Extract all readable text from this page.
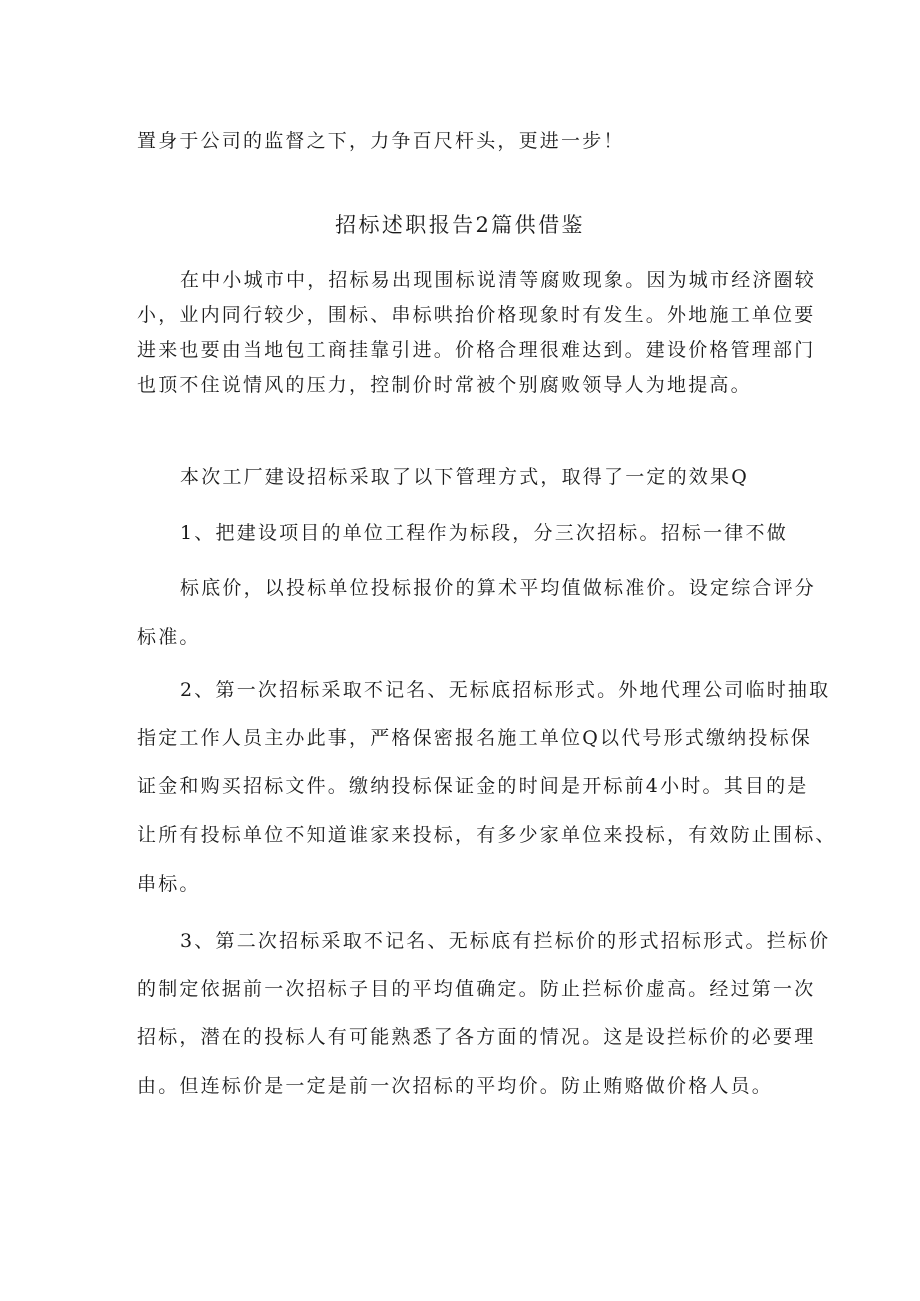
置身于公司的监督之下，力争百尺杆头，更进一步！
招标述职报告2篇供借鉴
在中小城市中，招标易出现围标说清等腐败现象。因为城市经济圈较
小，业内同行较少，围标、串标哄抬价格现象时有发生。外地施工单位要
进来也要由当地包工商挂靠引进。价格合理很难达到。建设价格管理部门
也顶不住说情风的压力，控制价时常被个别腐败领导人为地提高。
本次工厂建设招标采取了以下管理方式，取得了一定的效果Q
1、把建设项目的单位工程作为标段，分三次招标。招标一律不做
标底价，以投标单位投标报价的算术平均值做标准价。设定综合评分
标准。
2、第一次招标采取不记名、无标底招标形式。外地代理公司临时抽取
指定工作人员主办此事，严格保密报名施工单位Q以代号形式缴纳投标保
证金和购买招标文件。缴纳投标保证金的时间是开标前4小时。其目的是
让所有投标单位不知道谁家来投标，有多少家单位来投标，有效防止围标、
串标。
3、第二次招标采取不记名、无标底有拦标价的形式招标形式。拦标价
的制定依据前一次招标子目的平均值确定。防止拦标价虚高。经过第一次
招标，潜在的投标人有可能熟悉了各方面的情况。这是设拦标价的必要理
由。但连标价是一定是前一次招标的平均价。防止贿赂做价格人员。
